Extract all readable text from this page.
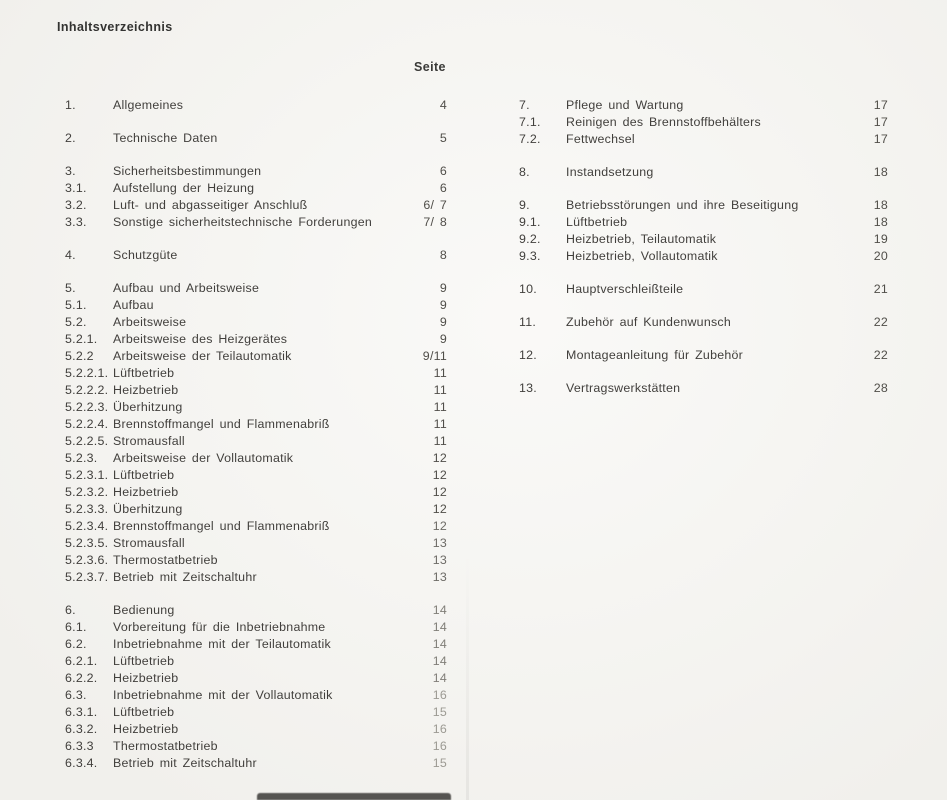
Inhaltsverzeichnis
Seite
1.	Allgemeines	4
2.	Technische Daten	5
3.	Sicherheitsbestimmungen	6
3.1.	Aufstellung der Heizung	6
3.2.	Luft- und abgasseitiger Anschluß	6/ 7
3.3.	Sonstige sicherheitstechnische Forderungen	7/ 8
4.	Schutzgüte	8
5.	Aufbau und Arbeitsweise	9
5.1.	Aufbau	9
5.2.	Arbeitsweise	9
5.2.1.	Arbeitsweise des Heizgerätes	9
5.2.2	Arbeitsweise der Teilautomatik	9/11
5.2.2.1. Lüftbetrieb	11
5.2.2.2. Heizbetrieb	11
5.2.2.3. Überhitzung	11
5.2.2.4. Brennstoffmangel und Flammenabriß	11
5.2.2.5. Stromausfall	11
5.2.3.	Arbeitsweise der Vollautomatik	12
5.2.3.1. Lüftbetrieb	12
5.2.3.2. Heizbetrieb	12
5.2.3.3. Überhitzung	12
5.2.3.4. Brennstoffmangel und Flammenabriß	12
5.2.3.5. Stromausfall	13
5.2.3.6. Thermostatbetrieb	13
5.2.3.7. Betrieb mit Zeitschaltuhr	13
6.	Bedienung	14
6.1.	Vorbereitung für die Inbetriebnahme	14
6.2.	Inbetriebnahme mit der Teilautomatik	14
6.2.1.	Lüftbetrieb	14
6.2.2.	Heizbetrieb	14
6.3.	Inbetriebnahme mit der Vollautomatik	16
6.3.1.	Lüftbetrieb	15
6.3.2.	Heizbetrieb	16
6.3.3	Thermostatbetrieb	16
6.3.4.	Betrieb mit Zeitschaltuhr	15
7.	Pflege und Wartung	17
7.1.	Reinigen des Brennstoffbehälters	17
7.2.	Fettwechsel	17
8.	Instandsetzung	18
9.	Betriebsstörungen und ihre Beseitigung	18
9.1.	Lüftbetrieb	18
9.2.	Heizbetrieb, Teilautomatik	19
9.3.	Heizbetrieb, Vollautomatik	20
10.	Hauptverschleißteile	21
11.	Zubehör auf Kundenwunsch	22
12.	Montageanleitung für Zubehör	22
13.	Vertragswerkstätten	28
